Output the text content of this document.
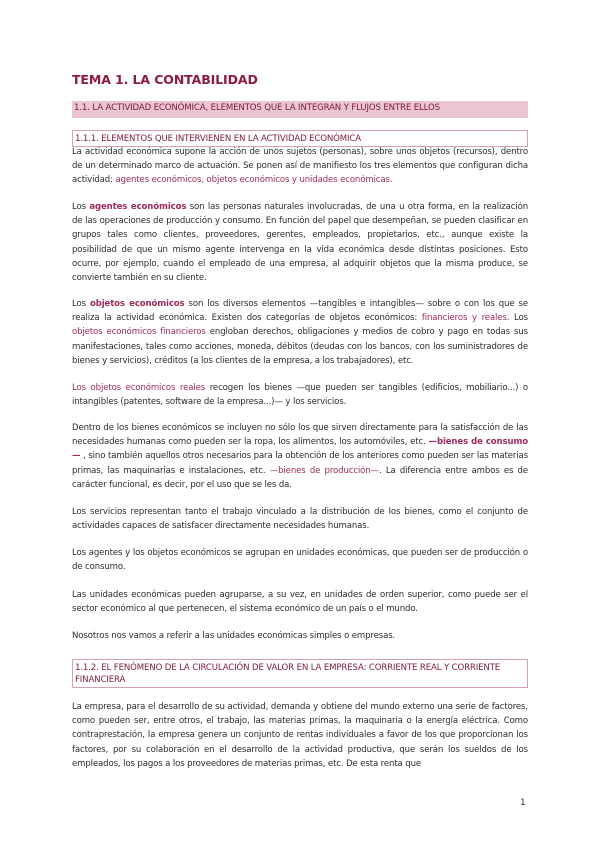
TEMA 1. LA CONTABILIDAD
1.1. LA ACTIVIDAD ECONÓMICA, ELEMENTOS QUE LA INTEGRAN Y FLUJOS ENTRE ELLOS
1.1.1. ELEMENTOS QUE INTERVIENEN EN LA ACTIVIDAD ECONÓMICA

La actividad económica supone la acción de unos sujetos (personas), sobre unos objetos (recursos), dentro de un determinado marco de actuación. Se ponen así de manifiesto los tres elementos que configuran dicha actividad: agentes económicos, objetos económicos y unidades económicas.

Los agentes económicos son las personas naturales involucradas, de una u otra forma, en la realización de las operaciones de producción y consumo. En función del papel que desempeñan, se pueden clasificar en grupos tales como clientes, proveedores, gerentes, empleados, propietarios, etc., aunque existe la posibilidad de que un mismo agente intervenga en la vida económica desde distintas posiciones. Esto ocurre, por ejemplo, cuando el empleado de una empresa, al adquirir objetos que la misma produce, se convierte también en su cliente.

Los objetos económicos son los diversos elementos —tangibles e intangibles— sobre o con los que se realiza la actividad económica. Existen dos categorías de objetos económicos: financieros y reales. Los objetos económicos financieros engloban derechos, obligaciones y medios de cobro y pago en todas sus manifestaciones, tales como acciones, moneda, débitos (deudas con los bancos, con los suministradores de bienes y servicios), créditos (a los clientes de la empresa, a los trabajadores), etc.

Los objetos económicos reales recogen los bienes —que pueden ser tangibles (edificios, mobiliario...) o intangibles (patentes, software de la empresa...)— y los servicios.

Dentro de los bienes económicos se incluyen no sólo los que sirven directamente para la satisfacción de las necesidades humanas como pueden ser la ropa, los alimentos, los automóviles, etc. —bienes de consumo— , sino también aquellos otros necesarios para la obtención de los anteriores como pueden ser las materias primas, las maquinarias e instalaciones, etc. —bienes de producción—. La diferencia entre ambos es de carácter funcional, es decir, por el uso que se les da.

Los servicios representan tanto el trabajo vinculado a la distribución de los bienes, como el conjunto de actividades capaces de satisfacer directamente necesidades humanas.

Los agentes y los objetos económicos se agrupan en unidades económicas, que pueden ser de producción o de consumo.

Las unidades económicas pueden agruparse, a su vez, en unidades de orden superior, como puede ser el sector económico al que pertenecen, el sistema económico de un país o el mundo.

Nosotros nos vamos a referir a las unidades económicas simples o empresas.

1.1.2. EL FENÓMENO DE LA CIRCULACIÓN DE VALOR EN LA EMPRESA: CORRIENTE REAL Y CORRIENTE FINANCIERA

La empresa, para el desarrollo de su actividad, demanda y obtiene del mundo externo una serie de factores, como pueden ser, entre otros, el trabajo, las materias primas, la maquinaria o la energía eléctrica. Como contraprestación, la empresa genera un conjunto de rentas individuales a favor de los que proporcionan los factores, por su colaboración en el desarrollo de la actividad productiva, que serán los sueldos de los empleados, los pagos a los proveedores de materias primas, etc. De esta renta que

1
